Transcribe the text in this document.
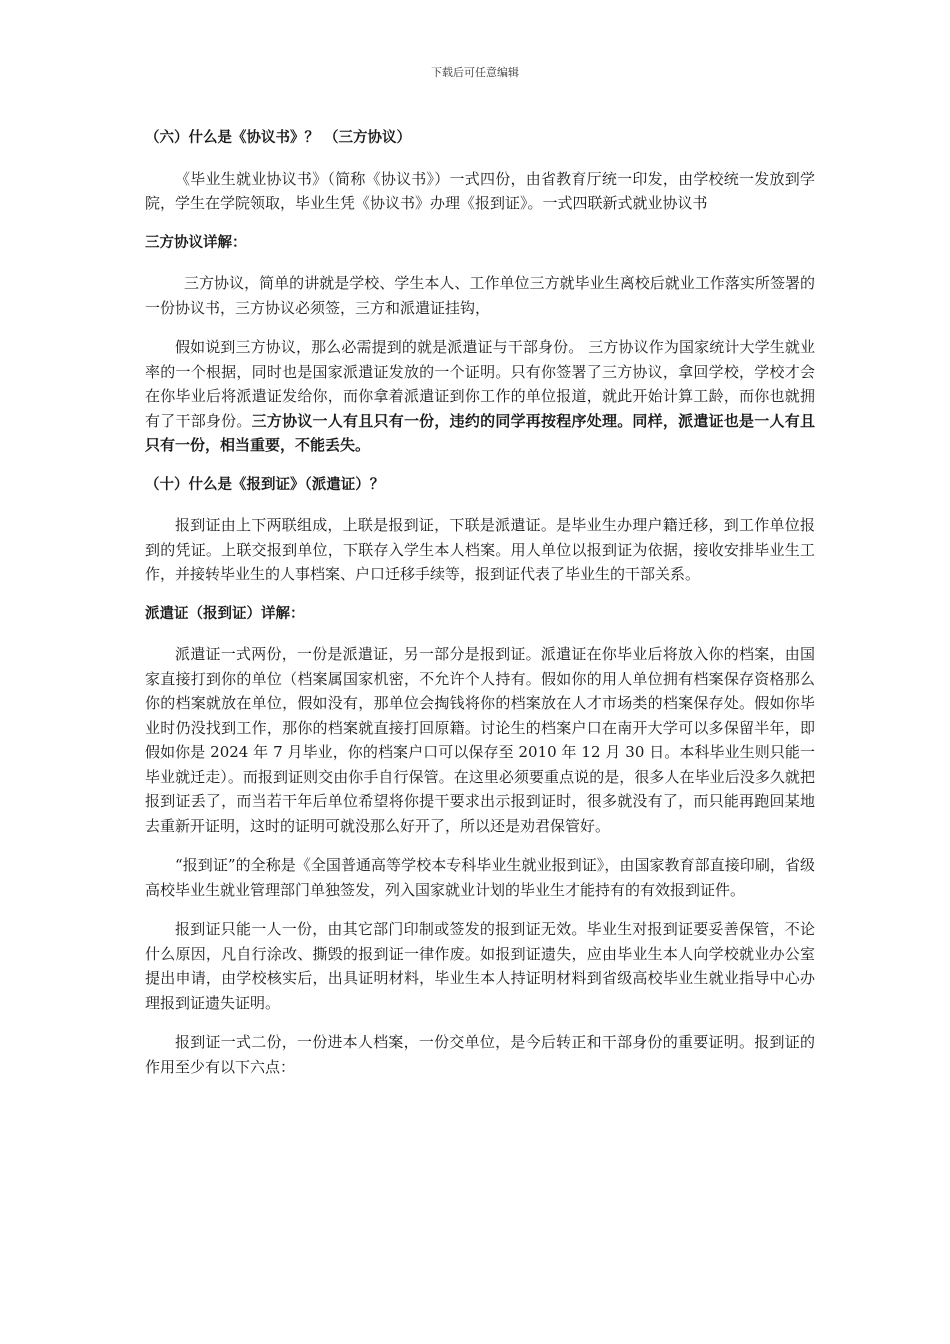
下载后可任意编辑
（六）什么是《协议书》？ （三方协议）

《毕业生就业协议书》（简称《协议书》）一式四份，由省教育厅统一印发，由学校统一发放到学院，学生在学院领取，毕业生凭《协议书》办理《报到证》。一式四联新式就业协议书

三方协议详解：

三方协议，简单的讲就是学校、学生本人、工作单位三方就毕业生离校后就业工作落实所签署的一份协议书，三方协议必须签，三方和派遣证挂钩，

假如说到三方协议，那么必需提到的就是派遣证与干部身份。 三方协议作为国家统计大学生就业率的一个根据，同时也是国家派遣证发放的一个证明。只有你签署了三方协议，拿回学校，学校才会在你毕业后将派遣证发给你，而你拿着派遣证到你工作的单位报道，就此开始计算工龄，而你也就拥有了干部身份。三方协议一人有且只有一份，违约的同学再按程序处理。同样，派遣证也是一人有且只有一份，相当重要，不能丢失。

（十）什么是《报到证》（派遣证）？

报到证由上下两联组成，上联是报到证，下联是派遣证。是毕业生办理户籍迁移，到工作单位报到的凭证。上联交报到单位，下联存入学生本人档案。用人单位以报到证为依据，接收安排毕业生工作，并接转毕业生的人事档案、户口迁移手续等，报到证代表了毕业生的干部关系。

派遣证（报到证）详解：

派遣证一式两份，一份是派遣证，另一部分是报到证。派遣证在你毕业后将放入你的档案，由国家直接打到你的单位（档案属国家机密，不允许个人持有。假如你的用人单位拥有档案保存资格那么你的档案就放在单位，假如没有，那单位会掏钱将你的档案放在人才市场类的档案保存处。假如你毕业时仍没找到工作，那你的档案就直接打回原籍。讨论生的档案户口在南开大学可以多保留半年，即假如你是 2024 年 7 月毕业，你的档案户口可以保存至 2010 年 12 月 30 日。本科毕业生则只能一毕业就迁走）。而报到证则交由你手自行保管。在这里必须要重点说的是，很多人在毕业后没多久就把报到证丢了，而当若干年后单位希望将你提干要求出示报到证时，很多就没有了，而只能再跑回某地去重新开证明，这时的证明可就没那么好开了，所以还是劝君保管好。

“报到证”的全称是《全国普通高等学校本专科毕业生就业报到证》，由国家教育部直接印刷，省级高校毕业生就业管理部门单独签发，列入国家就业计划的毕业生才能持有的有效报到证件。

报到证只能一人一份，由其它部门印制或签发的报到证无效。毕业生对报到证要妥善保管，不论什么原因，凡自行涂改、撕毁的报到证一律作废。如报到证遗失，应由毕业生本人向学校就业办公室提出申请，由学校核实后，出具证明材料，毕业生本人持证明材料到省级高校毕业生就业指导中心办理报到证遗失证明。

报到证一式二份，一份进本人档案，一份交单位，是今后转正和干部身份的重要证明。报到证的作用至少有以下六点：
